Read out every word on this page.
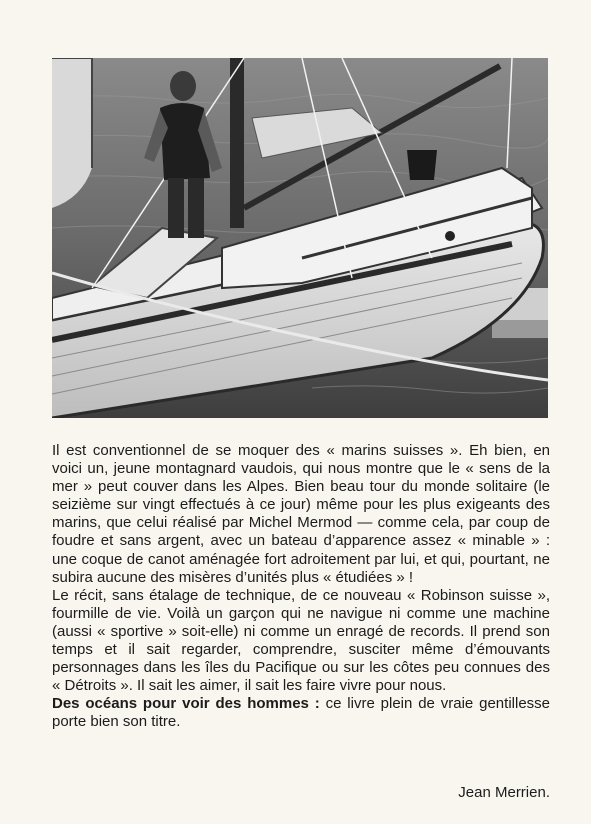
Il est conventionnel de se moquer des « marins suisses ». Eh bien, en voici un, jeune montagnard vaudois, qui nous montre que le « sens de la mer » peut couver dans les Alpes. Bien beau tour du monde solitaire (le seizième sur vingt effectués à ce jour) même pour les plus exigeants des marins, que celui réalisé par Michel Mermod — comme cela, par coup de foudre et sans argent, avec un bateau d’apparence assez « minable » : une coque de canot aménagée fort adroitement par lui, et qui, pourtant, ne subira aucune des misères d’unités plus « étudiées » !

Le récit, sans étalage de technique, de ce nouveau « Robinson suisse », fourmille de vie. Voilà un garçon qui ne navigue ni comme une machine (aussi « sportive » soit-elle) ni comme un enragé de records. Il prend son temps et il sait regarder, comprendre, susciter même d’émouvants personnages dans les îles du Pacifique ou sur les côtes peu connues des « Détroits ». Il sait les aimer, il sait les faire vivre pour nous.

Des océans pour voir des hommes : ce livre plein de vraie gentillesse porte bien son titre.

Jean Merrien.
